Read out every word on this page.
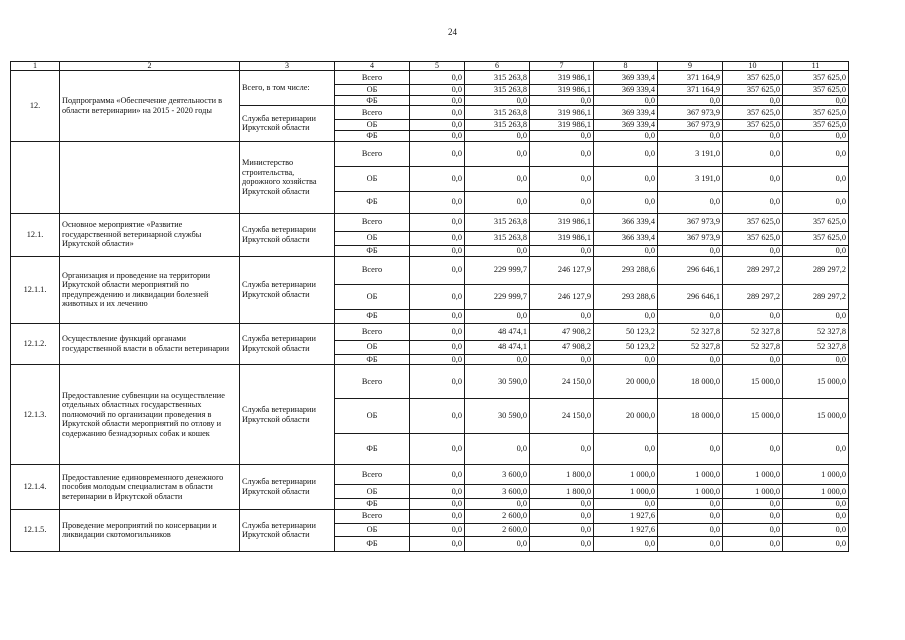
24
1	2	3	4	5	6	7	8	9	10	11
12.	Подпрограмма «Обеспечение деятельности в области ветеринарии» на 2015 - 2020 годы	Всего, в том числе:	Всего	0,0	315 263,8	319 986,1	369 339,4	371 164,9	357 625,0	357 625,0
			ОБ	0,0	315 263,8	319 986,1	369 339,4	371 164,9	357 625,0	357 625,0
			ФБ	0,0	0,0	0,0	0,0	0,0	0,0	0,0
		Служба ветеринарии Иркутской области	Всего	0,0	315 263,8	319 986,1	369 339,4	367 973,9	357 625,0	357 625,0
			ОБ	0,0	315 263,8	319 986,1	369 339,4	367 973,9	357 625,0	357 625,0
			ФБ	0,0	0,0	0,0	0,0	0,0	0,0	0,0
		Министерство строительства, дорожного хозяйства Иркутской области	Всего	0,0	0,0	0,0	0,0	3 191,0	0,0	0,0
			ОБ	0,0	0,0	0,0	0,0	3 191,0	0,0	0,0
			ФБ	0,0	0,0	0,0	0,0	0,0	0,0	0,0
12.1.	Основное мероприятие «Развитие государственной ветеринарной службы Иркутской области»	Служба ветеринарии Иркутской области	Всего	0,0	315 263,8	319 986,1	366 339,4	367 973,9	357 625,0	357 625,0
			ОБ	0,0	315 263,8	319 986,1	366 339,4	367 973,9	357 625,0	357 625,0
			ФБ	0,0	0,0	0,0	0,0	0,0	0,0	0,0
12.1.1.	Организация и проведение на территории Иркутской области мероприятий по предупреждению и ликвидации болезней животных и их лечению	Служба ветеринарии Иркутской области	Всего	0,0	229 999,7	246 127,9	293 288,6	296 646,1	289 297,2	289 297,2
			ОБ	0,0	229 999,7	246 127,9	293 288,6	296 646,1	289 297,2	289 297,2
			ФБ	0,0	0,0	0,0	0,0	0,0	0,0	0,0
12.1.2.	Осуществление функций органами государственной власти в области ветеринарии	Служба ветеринарии Иркутской области	Всего	0,0	48 474,1	47 908,2	50 123,2	52 327,8	52 327,8	52 327,8
			ОБ	0,0	48 474,1	47 908,2	50 123,2	52 327,8	52 327,8	52 327,8
			ФБ	0,0	0,0	0,0	0,0	0,0	0,0	0,0
12.1.3.	Предоставление субвенции на осуществление отдельных областных государственных полномочий по организации проведения в Иркутской области мероприятий по отлову и содержанию безнадзорных собак и кошек	Служба ветеринарии Иркутской области	Всего	0,0	30 590,0	24 150,0	20 000,0	18 000,0	15 000,0	15 000,0
			ОБ	0,0	30 590,0	24 150,0	20 000,0	18 000,0	15 000,0	15 000,0
			ФБ	0,0	0,0	0,0	0,0	0,0	0,0	0,0
12.1.4.	Предоставление единовременного денежного пособия молодым специалистам в области ветеринарии в Иркутской области	Служба ветеринарии Иркутской области	Всего	0,0	3 600,0	1 800,0	1 000,0	1 000,0	1 000,0	1 000,0
			ОБ	0,0	3 600,0	1 800,0	1 000,0	1 000,0	1 000,0	1 000,0
			ФБ	0,0	0,0	0,0	0,0	0,0	0,0	0,0
12.1.5.	Проведение мероприятий по консервации и ликвидации скотомогильников	Служба ветеринарии Иркутской области	Всего	0,0	2 600,0	0,0	1 927,6	0,0	0,0	0,0
			ОБ	0,0	2 600,0	0,0	1 927,6	0,0	0,0	0,0
			ФБ	0,0	0,0	0,0	0,0	0,0	0,0	0,0
